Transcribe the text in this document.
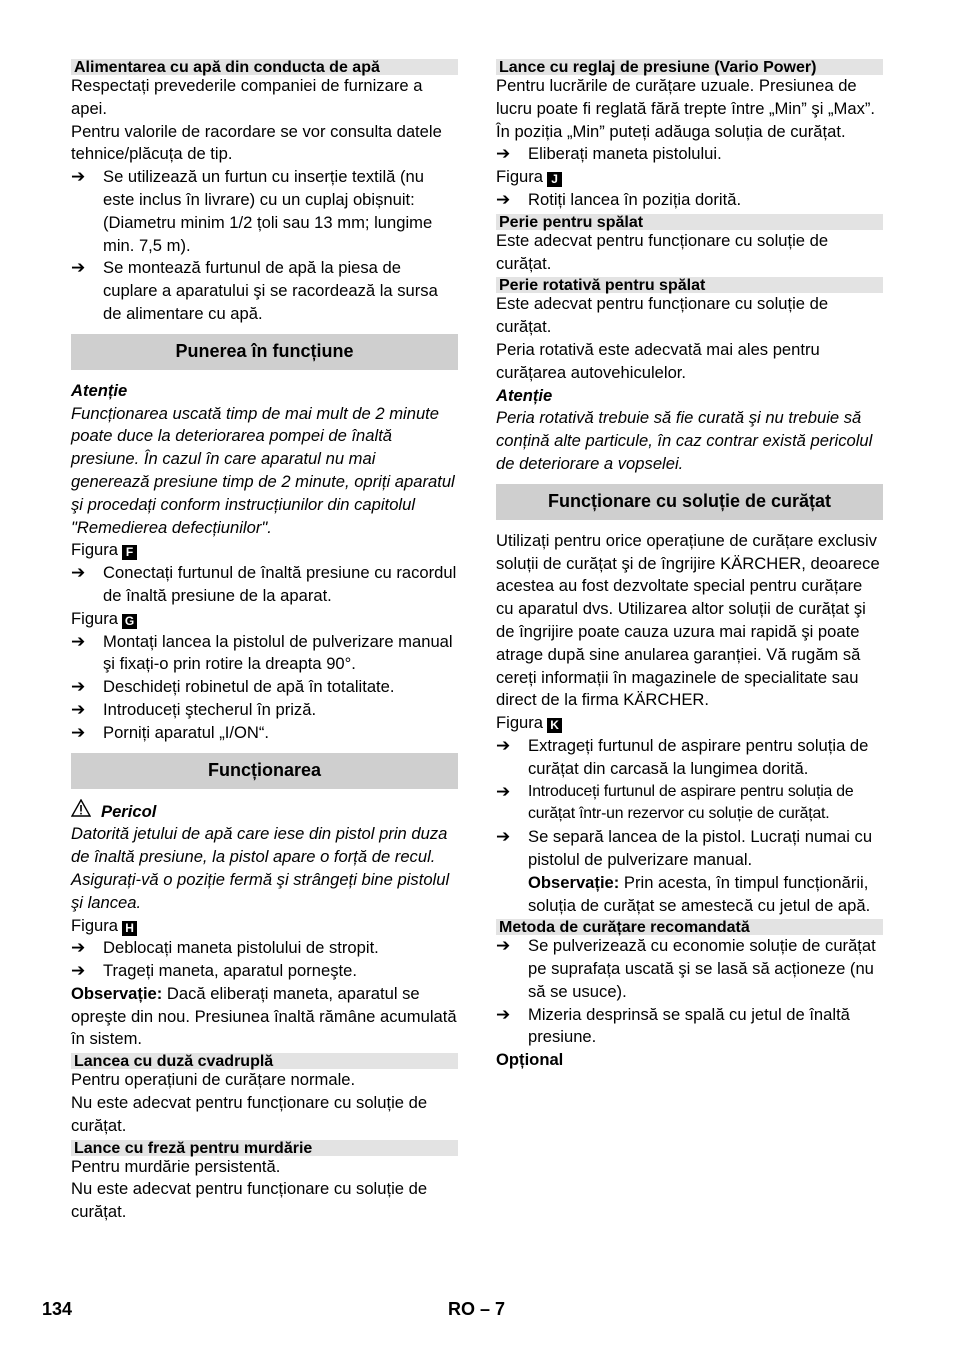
Alimentarea cu apă din conducta de apă

Respectați prevederile companiei de furnizare a apei.

Pentru valorile de racordare se vor consulta datele tehnice/plăcuța de tip.

➔ Se utilizează un furtun cu inserție textilă (nu este inclus în livrare) cu un cuplaj obișnuit: (Diametru minim 1/2 țoli sau 13 mm; lungime min. 7,5 m).
➔ Se montează furtunul de apă la piesa de cuplare a aparatului şi se racordează la sursa de alimentare cu apă.
Punerea în funcțiune

Atenție

Funcționarea uscată timp de mai mult de 2 minute poate duce la deteriorarea pompei de înaltă presiune. În cazul în care aparatul nu mai generează presiune timp de 2 minute, opriți aparatul şi procedați conform instrucțiunilor din capitolul "Remedierea defecțiunilor".

Figura F

➔ Conectați furtunul de înaltă presiune cu racordul de înaltă presiune de la aparat.

Figura G

➔ Montați lancea la pistolul de pulverizare manual şi fixați-o prin rotire la dreapta 90°.
➔ Deschideți robinetul de apă în totalitate.
➔ Introduceți ştecherul în priză.
➔ Porniți aparatul „I/ON“.
Funcționarea

Pericol

Datorită jetului de apă care iese din pistol prin duza de înaltă presiune, la pistol apare o forță de recul. Asigurați-vă o poziție fermă şi strângeți bine pistolul şi lancea.

Figura H

➔ Deblocați maneta pistolului de stropit.
➔ Trageți maneta, aparatul porneşte.

Observație: Dacă eliberați maneta, aparatul se opreşte din nou. Presiunea înaltă rămâne acumulată în sistem.

Lancea cu duză cvadruplă

Pentru operațiuni de curățare normale.

Nu este adecvat pentru funcționare cu soluție de curățat.

Lance cu freză pentru murdărie

Pentru murdărie persistentă.

Nu este adecvat pentru funcționare cu soluție de curățat.

Lance cu reglaj de presiune (Vario Power)

Pentru lucrările de curățare uzuale. Presiunea de lucru poate fi reglată fără trepte între „Min” şi „Max”. În poziția „Min” puteți adăuga soluția de curățat.

➔ Eliberați maneta pistolului.

Figura J

➔ Rotiți lancea în poziția dorită.
Perie pentru spălat

Este adecvat pentru funcționare cu soluție de curățat.

Perie rotativă pentru spălat

Este adecvat pentru funcționare cu soluție de curățat.

Peria rotativă este adecvată mai ales pentru curățarea autovehiculelor.

Atenție

Peria rotativă trebuie să fie curată şi nu trebuie să conțină alte particule, în caz contrar există pericolul de deteriorare a vopselei.

Funcționare cu soluție de curățat

Utilizați pentru orice operațiune de curățare exclusiv soluții de curățat şi de îngrijire KÄRCHER, deoarece acestea au fost dezvoltate special pentru curățare cu aparatul dvs. Utilizarea altor soluții de curățat şi de îngrijire poate cauza uzura mai rapidă şi poate atrage după sine anularea garanției. Vă rugăm să cereți informații în magazinele de specialitate sau direct de la firma KÄRCHER.

Figura K

➔ Extrageți furtunul de aspirare pentru soluția de curățat din carcasă la lungimea dorită.
➔ Introduceți furtunul de aspirare pentru soluția de curățat într-un rezervor cu soluție de curățat.
➔ Se separă lancea de la pistol. Lucrați numai cu pistolul de pulverizare manual.
Observație: Prin acesta, în timpul funcționării, soluția de curățat se amestecă cu jetul de apă.
Metoda de curățare recomandată
➔ Se pulverizează cu economie soluție de curățat pe suprafața uscată şi se lasă să acționeze (nu să se usuce).
➔ Mizeria desprinsă se spală cu jetul de înaltă presiune.

Opțional

134	RO – 7
